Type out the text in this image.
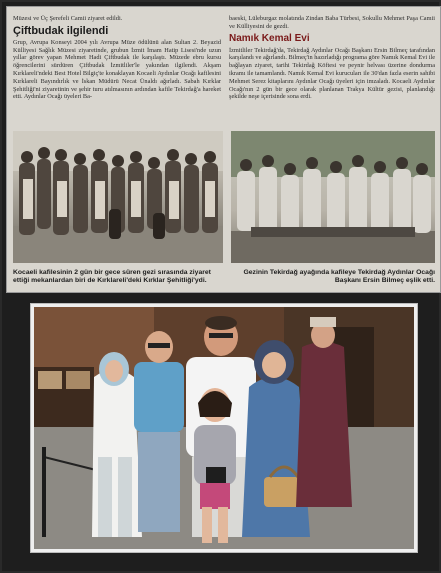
Müzesi ve Üç Şerefeli Camii ziyaret edildi.

Çiftbudak ilgilendi

Grup, Avrupa Konseyi 2004 yılı Avrupa Müze ödülünü alan Sultan 2. Beyazid Külliyesi Sağlık Müzesi ziyaretinde, grubun İzmit İmam Hatip Lisesi'nde uzun yıllar görev yapan Mehmet Hadi Çiftbudak ile karşılaştı. Müzede ebru kursu öğrencilerini sürdüren Çiftbudak İzmitliler'le yakından ilgilendi. Akşam Kırklareli'ndeki Best Hotel Bilgiç'te konaklayan Kocaeli Aydınlar Ocağı kafilesini Kırklareli Bayındırlık ve İskan Müdürü Necat Ünaldı ağırladı. Sabah Kırklar Şehitliği'ni ziyaretinin ve şehir turu atılmasının ardından kafile Tekirdağ'a hareket etti. Aydınlar Ocağı üyeleri Ba-

baeski, Lüleburgaz molatında Zindan Baba Türbesi, Sokullu Mehmet Paşa Camii ve Külliyesini de gezdi.

Namık Kemal Evi

İzmitliler Tekirdağ'da, Tekirdağ Aydınlar Ocağı Başkanı Ersin Bilmeç tarafından karşılandı ve ağırlandı. Bilmeç'in hazırladığı programa göre Namık Kemal Evi ile bağlayan ziyaret, tarihi Tekirdağ Köftesi ve peynir helvası üzerine dondurma ikramı ile tamamlandı. Namık Kemal Evi kurucuları ile 30'dan fazla eserin sahibi Mehmet Serez kitaplarını Aydınlar Ocağı üyeleri için imzaladı. Kocaeli Aydınlar Ocağı'nın 2 gün bir gece olarak planlanan Trakya Kültür gezisi, planlandığı şekilde neşe içerisinde sona erdi.

Kocaeli kafilesinin 2 gün bir gece süren gezi sırasında ziyaret ettiği mekanlardan biri de Kırklareli'deki Kırklar Şehitliği'ydi.
Gezinin Tekirdağ ayağında kafileye Tekirdağ Aydınlar Ocağı Başkanı Ersin Bilmeç eşlik etti.
